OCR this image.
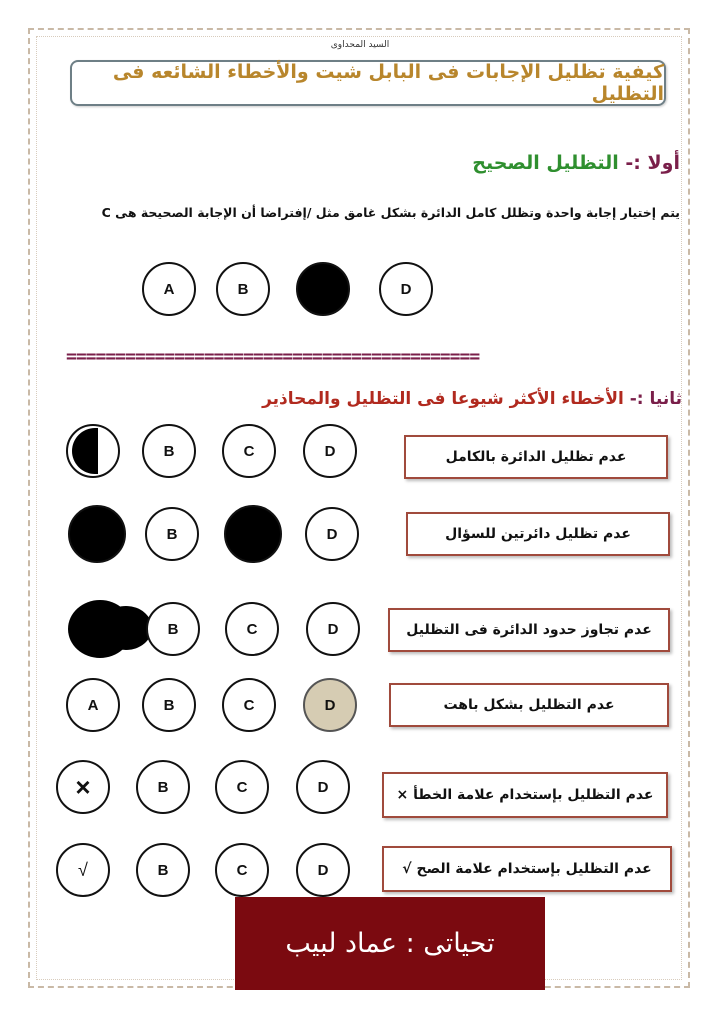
السيد المحداوى
كيفية تظليل الإجابات فى البابل شيت والأخطاء الشائعه فى التظليل
أولا :- التظليل الصحيح
يتم إختيار إجابة واحدة وتظلل كامل الدائرة بشكل غامق مثل /إفتراضا أن الإجابة الصحيحة هى C
A	B	D
==========================================
ثانيا :- الأخطاء الأكثر شيوعا فى التظليل والمحاذير
B	C	D	عدم تظليل الدائرة بالكامل
B	D	عدم تظليل دائرتين للسؤال
B	C	D	عدم تجاوز حدود الدائرة فى التظليل
A	B	C	D	عدم التظليل بشكل باهت
×	B	C	D	عدم التظليل بإستخدام علامة الخطأ ×
√	B	C	D	عدم التظليل بإستخدام علامة الصح √
تحياتى : عماد لبيب
